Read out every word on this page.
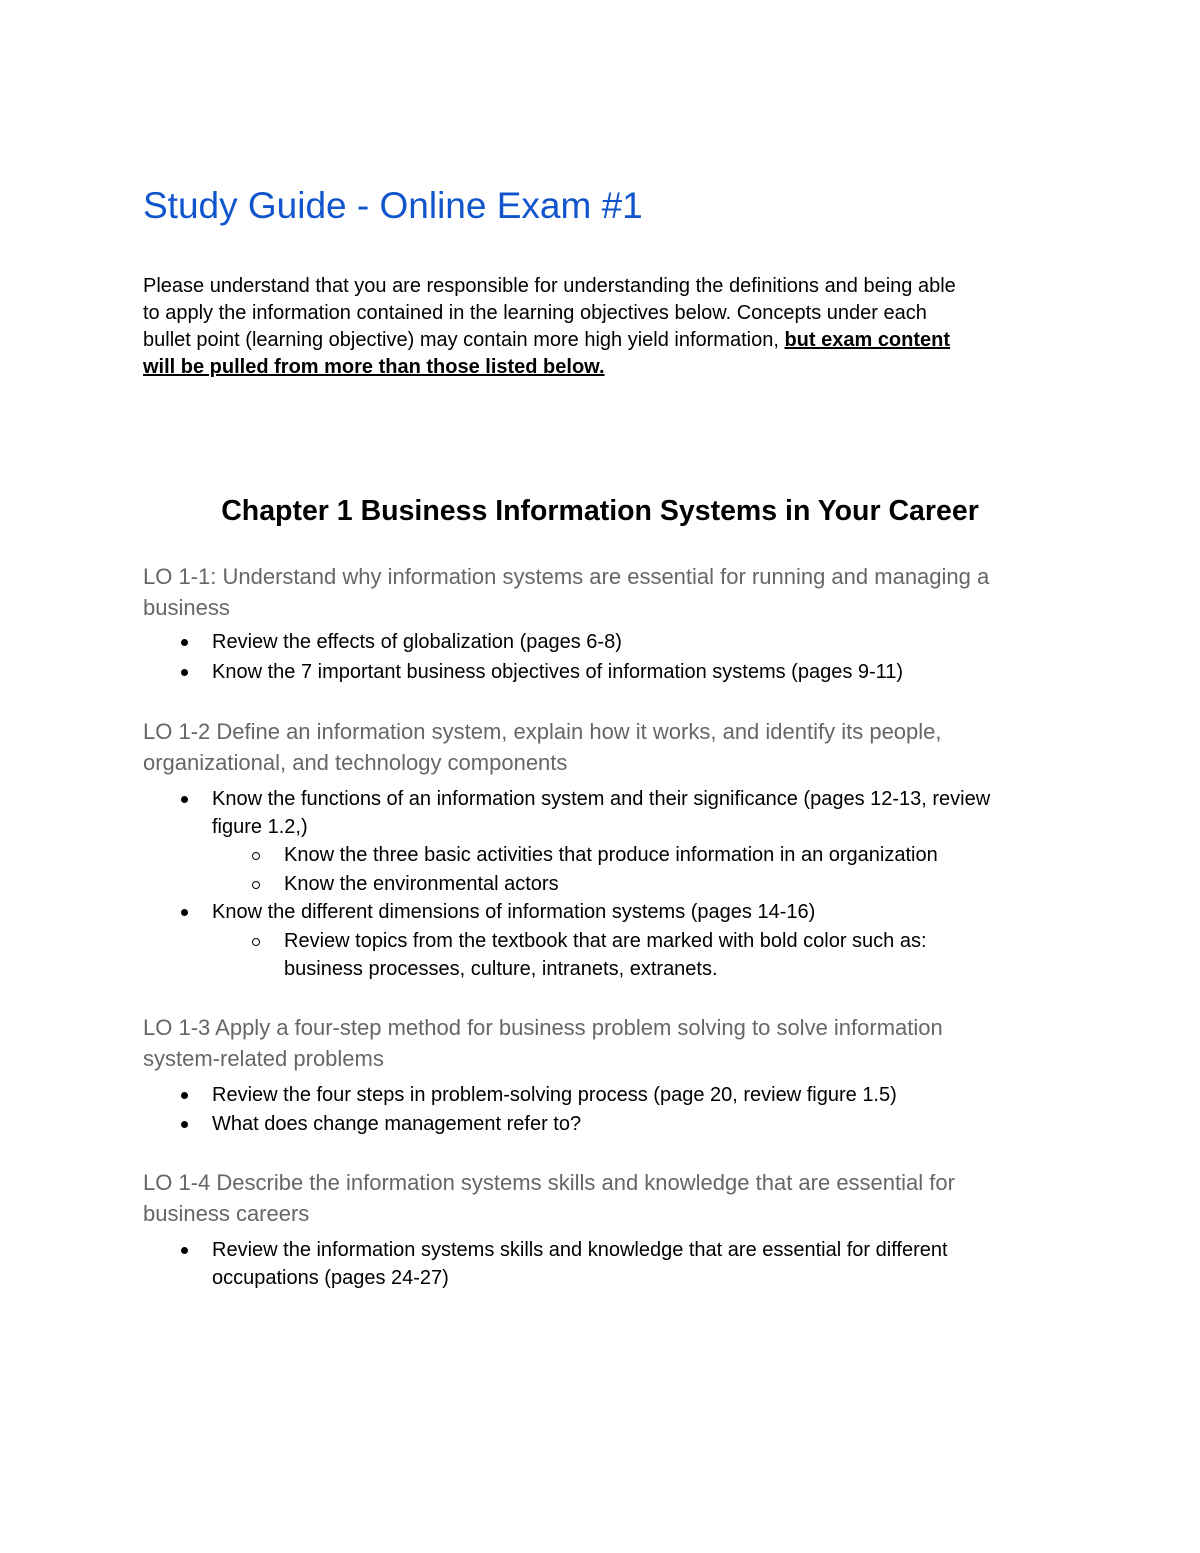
Study Guide - Online Exam #1

Please understand that you are responsible for understanding the definitions and being able
to apply the information contained in the learning objectives below. Concepts under each
bullet point (learning objective) may contain more high yield information, but exam content
will be pulled from more than those listed below.

Chapter 1 Business Information Systems in Your Career
LO 1-1: Understand why information systems are essential for running and managing a
business
Review the effects of globalization (pages 6-8)
Know the 7 important business objectives of information systems (pages 9-11)
LO 1-2 Define an information system, explain how it works, and identify its people,
organizational, and technology components
Know the functions of an information system and their significance (pages 12-13, review
figure 1.2,)
Know the three basic activities that produce information in an organization
Know the environmental actors
Know the different dimensions of information systems (pages 14-16)
Review topics from the textbook that are marked with bold color such as:
business processes, culture, intranets, extranets.
LO 1-3 Apply a four-step method for business problem solving to solve information
system-related problems
Review the four steps in problem-solving process (page 20, review figure 1.5)
What does change management refer to?
LO 1-4 Describe the information systems skills and knowledge that are essential for
business careers
Review the information systems skills and knowledge that are essential for different
occupations (pages 24-27)
